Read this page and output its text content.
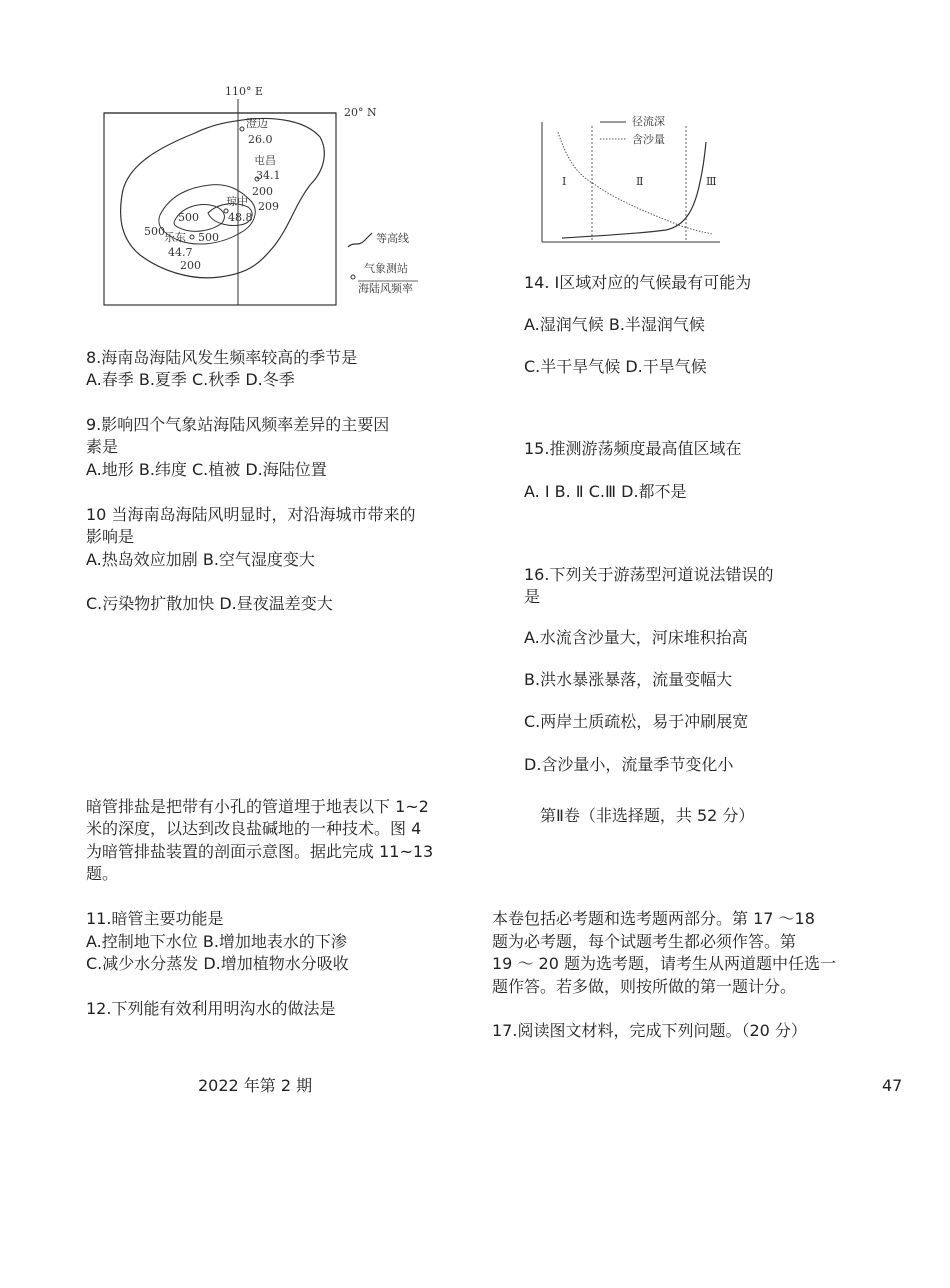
110° E
20° N
澄迈
26.0
屯昌
34.1
琼中
48.8
乐东
44.7
200
209
500
500	500
200
等高线
气象测站
海陆风频率
径流深
含沙量
Ⅰ	Ⅱ	Ⅲ
8.海南岛海陆风发生频率较高的季节是
A.春季 B.夏季 C.秋季 D.冬季
9.影响四个气象站海陆风频率差异的主要因
素是
A.地形 B.纬度 C.植被 D.海陆位置
10 当海南岛海陆风明显时，对沿海城市带来的
影响是
A.热岛效应加剧 B.空气湿度变大
C.污染物扩散加快 D.昼夜温差变大
暗管排盐是把带有小孔的管道埋于地表以下 1~2
米的深度，以达到改良盐碱地的一种技术。图 4
为暗管排盐装置的剖面示意图。据此完成 11~13
题。
11.暗管主要功能是
A.控制地下水位 B.增加地表水的下渗
C.减少水分蒸发 D.增加植物水分吸收
12.下列能有效利用明沟水的做法是
14. Ⅰ区域对应的气候最有可能为
A.湿润气候 B.半湿润气候
C.半干旱气候 D.干旱气候
15.推测游荡频度最高值区域在
A. Ⅰ B. Ⅱ C.Ⅲ D.都不是
16.下列关于游荡型河道说法错误的
是
A.水流含沙量大，河床堆积抬高
B.洪水暴涨暴落，流量变幅大
C.两岸土质疏松，易于冲刷展宽
D.含沙量小，流量季节变化小
第Ⅱ卷（非选择题，共 52 分）
本卷包括必考题和选考题两部分。第 17 ～18
题为必考题，每个试题考生都必须作答。第
19 ～ 20 题为选考题，请考生从两道题中任选一
题作答。若多做，则按所做的第一题计分。
17.阅读图文材料，完成下列问题。（20 分）
2022 年第 2 期	47
